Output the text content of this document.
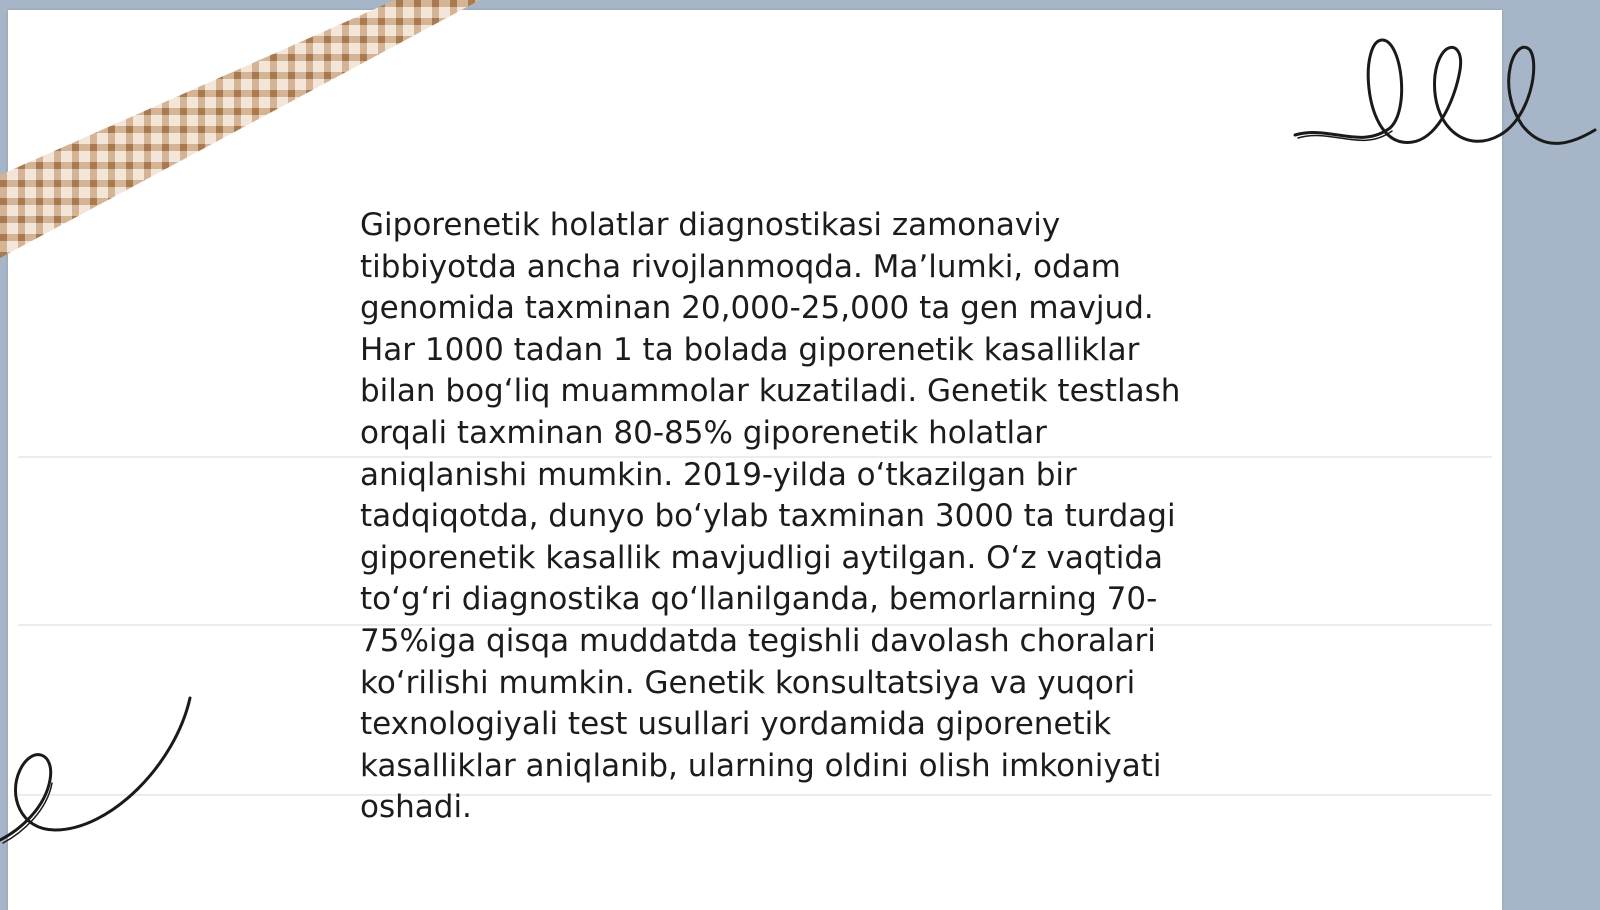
Giporenetik holatlar diagnostikasi zamonaviy
tibbiyotda ancha rivojlanmoqda. Ma’lumki, odam
genomida taxminan 20,000-25,000 ta gen mavjud.
Har 1000 tadan 1 ta bolada giporenetik kasalliklar
bilan bogʻliq muammolar kuzatiladi. Genetik testlash
orqali taxminan 80-85% giporenetik holatlar
aniqlanishi mumkin. 2019-yilda oʻtkazilgan bir
tadqiqotda, dunyo boʻylab taxminan 3000 ta turdagi
giporenetik kasallik mavjudligi aytilgan. Oʻz vaqtida
toʻgʻri diagnostika qoʻllanilganda, bemorlarning 70-
75%iga qisqa muddatda tegishli davolash choralari
koʻrilishi mumkin. Genetik konsultatsiya va yuqori
texnologiyali test usullari yordamida giporenetik
kasalliklar aniqlanib, ularning oldini olish imkoniyati
oshadi.
